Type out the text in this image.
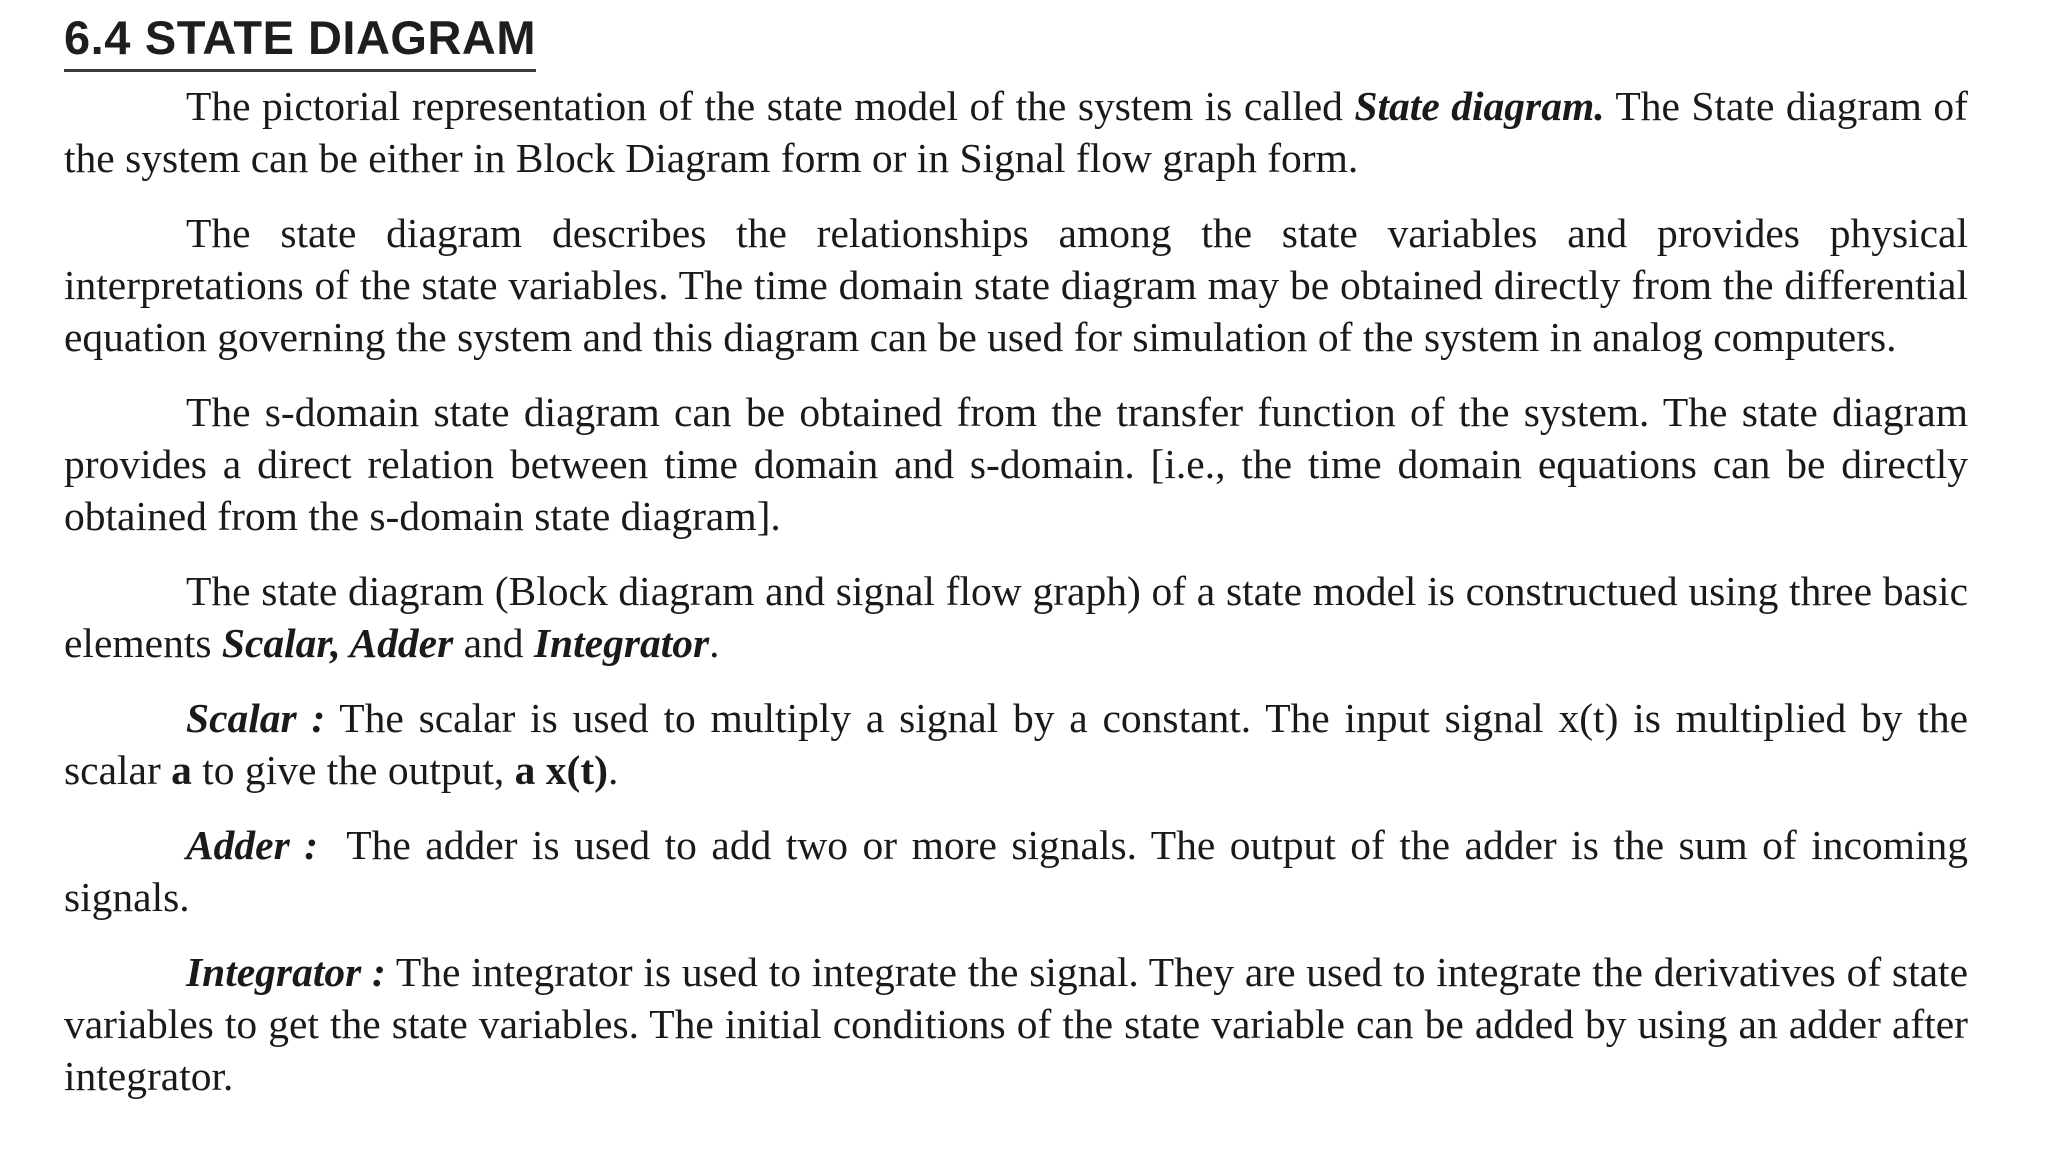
6.4 STATE DIAGRAM

The pictorial representation of the state model of the system is called State diagram. The State diagram of the system can be either in Block Diagram form or in Signal flow graph form.

The state diagram describes the relationships among the state variables and provides physical interpretations of the state variables. The time domain state diagram may be obtained directly from the differential equation governing the system and this diagram can be used for simulation of the system in analog computers.

The s-domain state diagram can be obtained from the transfer function of the system. The state diagram provides a direct relation between time domain and s-domain. [i.e., the time domain equations can be directly obtained from the s-domain state diagram].

The state diagram (Block diagram and signal flow graph) of a state model is constructued using three basic elements Scalar, Adder and Integrator.

Scalar : The scalar is used to multiply a signal by a constant. The input signal x(t) is multiplied by the scalar a to give the output, a x(t).

Adder :  The adder is used to add two or more signals. The output of the adder is the sum of incoming signals.

Integrator : The integrator is used to integrate the signal. They are used to integrate the derivatives of state variables to get the state variables. The initial conditions of the state variable can be added by using an adder after integrator.
